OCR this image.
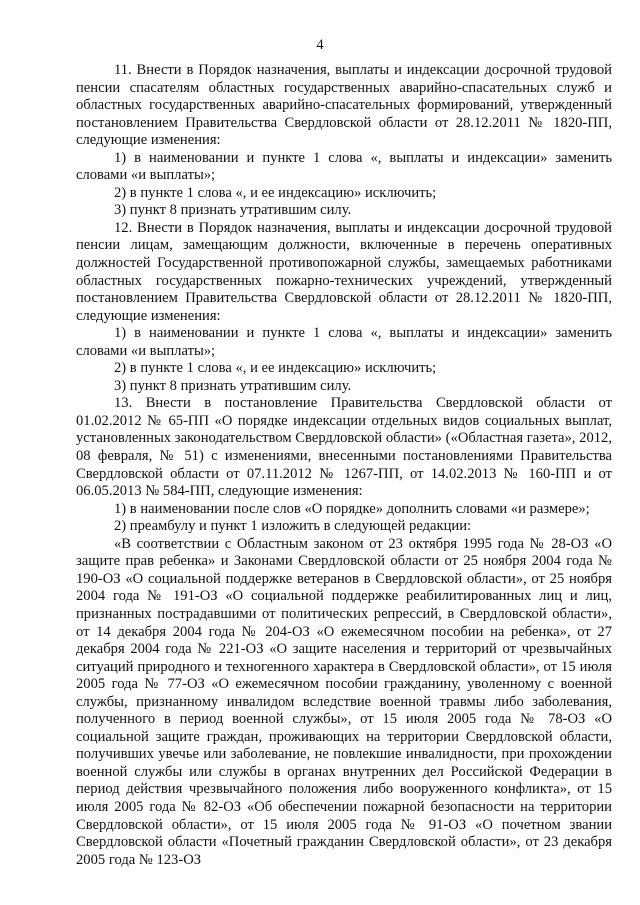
4

11. Внести в Порядок назначения, выплаты и индексации досрочной трудовой пенсии спасателям областных государственных аварийно-спасательных служб и областных государственных аварийно-спасательных формирований, утвержденный постановлением Правительства Свердловской области от 28.12.2011 № 1820-ПП, следующие изменения:

1) в наименовании и пункте 1 слова «, выплаты и индексации» заменить словами «и выплаты»;

2) в пункте 1 слова «, и ее индексацию» исключить;

3) пункт 8 признать утратившим силу.

12. Внести в Порядок назначения, выплаты и индексации досрочной трудовой пенсии лицам, замещающим должности, включенные в перечень оперативных должностей Государственной противопожарной службы, замещаемых работниками областных государственных пожарно-технических учреждений, утвержденный постановлением Правительства Свердловской области от 28.12.2011 № 1820-ПП, следующие изменения:

1) в наименовании и пункте 1 слова «, выплаты и индексации» заменить словами «и выплаты»;

2) в пункте 1 слова «, и ее индексацию» исключить;

3) пункт 8 признать утратившим силу.

13. Внести в постановление Правительства Свердловской области от 01.02.2012 № 65-ПП «О порядке индексации отдельных видов социальных выплат, установленных законодательством Свердловской области» («Областная газета», 2012, 08 февраля, № 51) с изменениями, внесенными постановлениями Правительства Свердловской области от 07.11.2012 № 1267-ПП, от 14.02.2013 № 160-ПП и от 06.05.2013 № 584-ПП, следующие изменения:

1) в наименовании после слов «О порядке» дополнить словами «и размере»;

2) преамбулу и пункт 1 изложить в следующей редакции:

«В соответствии с Областным законом от 23 октября 1995 года № 28-ОЗ «О защите прав ребенка» и Законами Свердловской области от 25 ноября 2004 года № 190-ОЗ «О социальной поддержке ветеранов в Свердловской области», от 25 ноября 2004 года № 191-ОЗ «О социальной поддержке реабилитированных лиц и лиц, признанных пострадавшими от политических репрессий, в Свердловской области», от 14 декабря 2004 года № 204-ОЗ «О ежемесячном пособии на ребенка», от 27 декабря 2004 года № 221-ОЗ «О защите населения и территорий от чрезвычайных ситуаций природного и техногенного характера в Свердловской области», от 15 июля 2005 года № 77-ОЗ «О ежемесячном пособии гражданину, уволенному с военной службы, признанному инвалидом вследствие военной травмы либо заболевания, полученного в период военной службы», от 15 июля 2005 года № 78-ОЗ «О социальной защите граждан, проживающих на территории Свердловской области, получивших увечье или заболевание, не повлекшие инвалидности, при прохождении военной службы или службы в органах внутренних дел Российской Федерации в период действия чрезвычайного положения либо вооруженного конфликта», от 15 июля 2005 года № 82-ОЗ «Об обеспечении пожарной безопасности на территории Свердловской области», от 15 июля 2005 года № 91-ОЗ «О почетном звании Свердловской области «Почетный гражданин Свердловской области», от 23 декабря 2005 года № 123-ОЗ
